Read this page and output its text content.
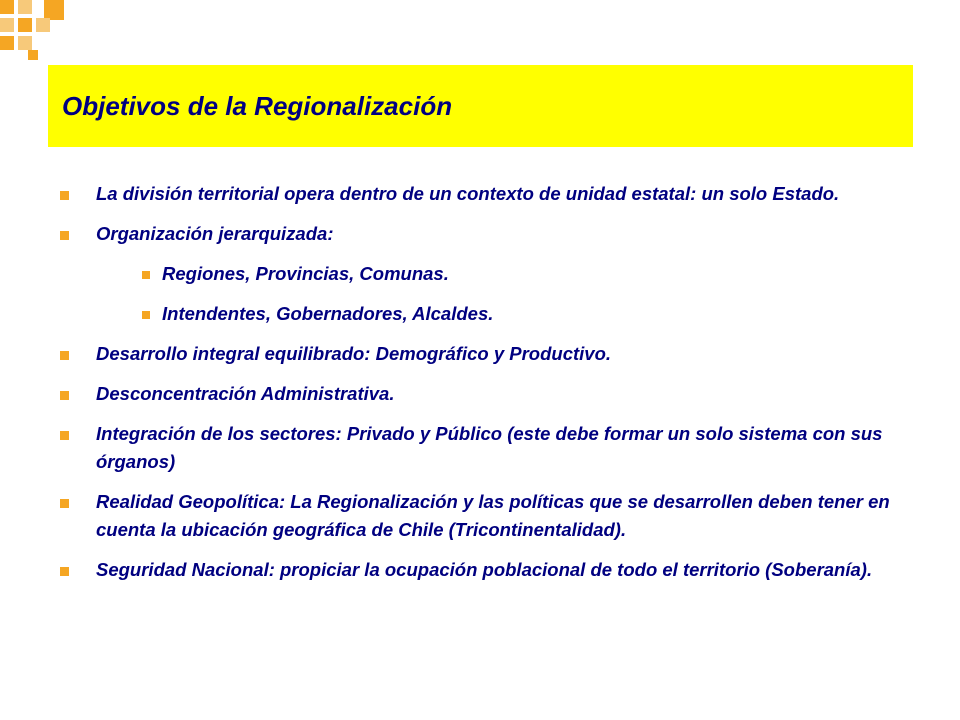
Objetivos de la Regionalización
La división territorial opera dentro de un contexto de unidad estatal: un solo Estado.
Organización jerarquizada:
Regiones, Provincias, Comunas.
Intendentes, Gobernadores, Alcaldes.
Desarrollo integral equilibrado: Demográfico y Productivo.
Desconcentración Administrativa.
Integración de los sectores: Privado y Público (este debe formar un solo sistema con sus órganos)
Realidad Geopolítica: La Regionalización y las políticas que se desarrollen deben tener en cuenta la ubicación geográfica de Chile (Tricontinentalidad).
Seguridad Nacional: propiciar la ocupación poblacional de todo el territorio (Soberanía).
